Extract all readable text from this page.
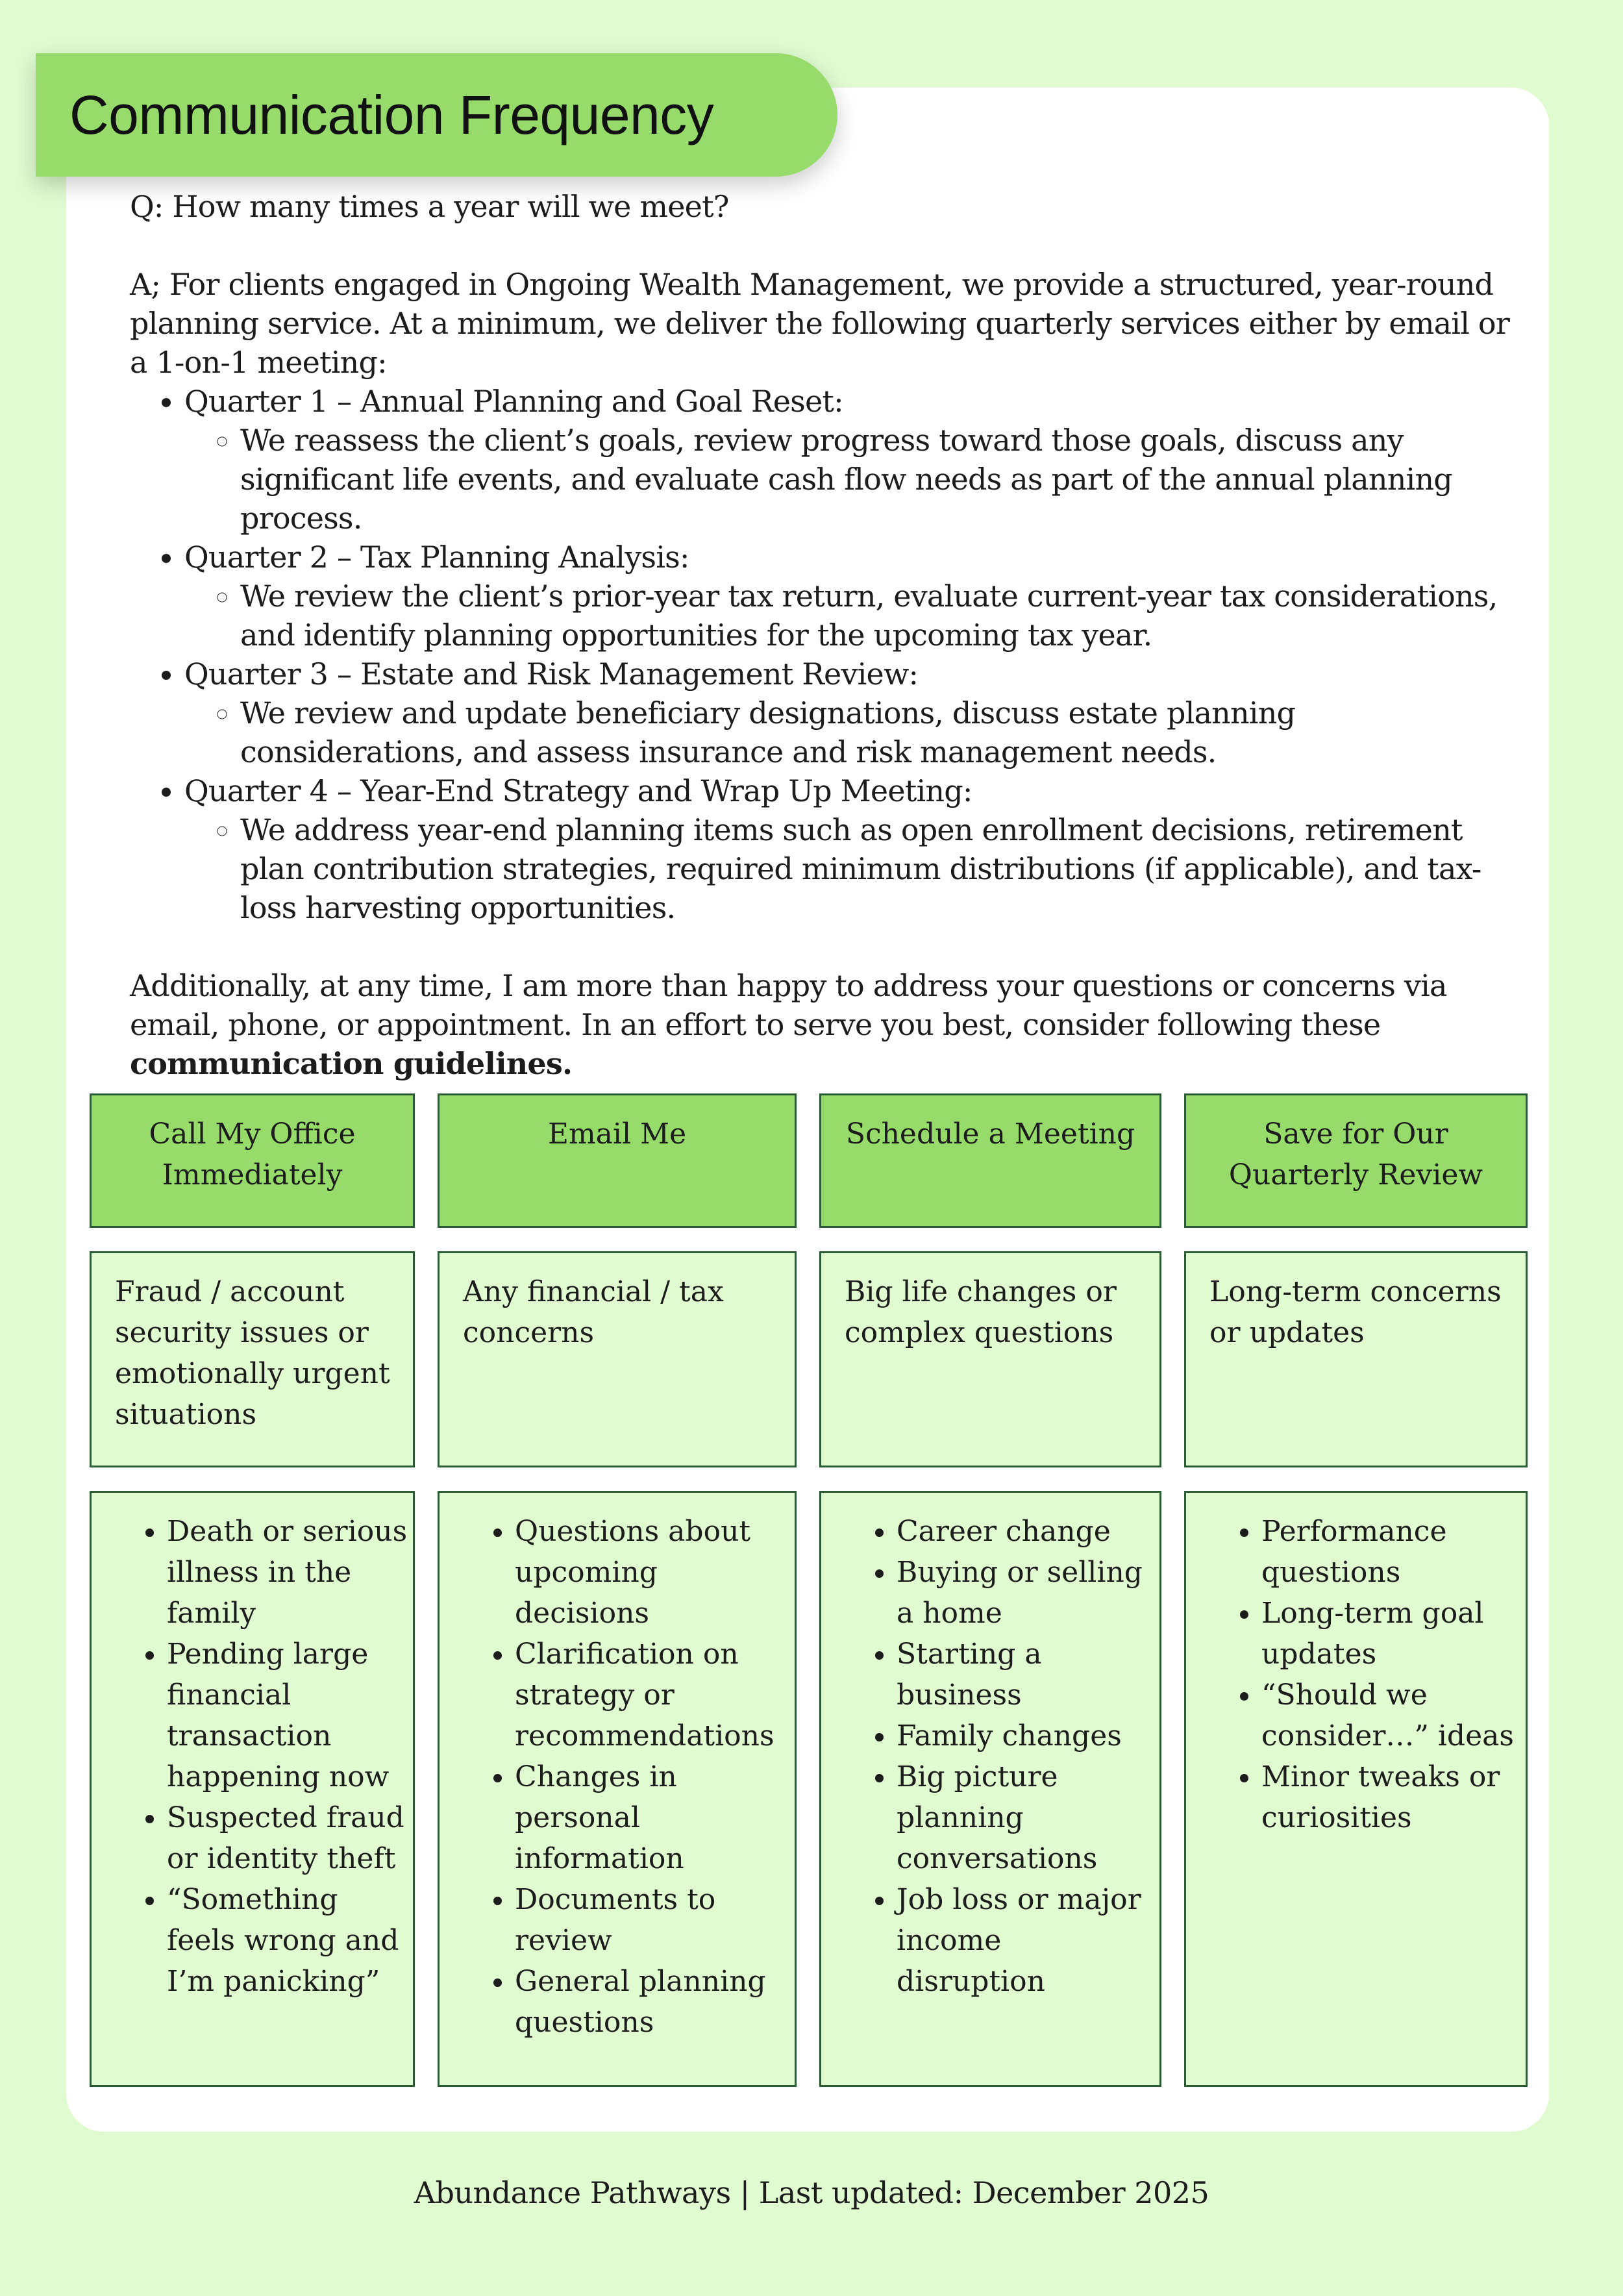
Communication Frequency

Q: How many times a year will we meet?

A; For clients engaged in Ongoing Wealth Management, we provide a structured, year-round planning service. At a minimum, we deliver the following quarterly services either by email or a 1-on-1 meeting:

• Quarter 1 – Annual Planning and Goal Reset:
◦ We reassess the client’s goals, review progress toward those goals, discuss any significant life events, and evaluate cash flow needs as part of the annual planning process.
• Quarter 2 – Tax Planning Analysis:
◦ We review the client’s prior-year tax return, evaluate current-year tax considerations, and identify planning opportunities for the upcoming tax year.
• Quarter 3 – Estate and Risk Management Review:
◦ We review and update beneficiary designations, discuss estate planning considerations, and assess insurance and risk management needs.
• Quarter 4 – Year-End Strategy and Wrap Up Meeting:
◦ We address year-end planning items such as open enrollment decisions, retirement plan contribution strategies, required minimum distributions (if applicable), and tax-loss harvesting opportunities.

Additionally, at any time, I am more than happy to address your questions or concerns via email, phone, or appointment. In an effort to serve you best, consider following these communication guidelines.

Call My Office Immediately
Email Me	Schedule a Meeting	Save for Our Quarterly Review
Fraud / account security issues or emotionally urgent situations
Any financial / tax concerns
Big life changes or complex questions
Long-term concerns or updates
• Death or serious illness in the family
• Pending large financial transaction happening now
• Suspected fraud or identity theft
• “Something feels wrong and I’m panicking”
• Questions about upcoming decisions
• Clarification on strategy or recommendations
• Changes in personal information
• Documents to review
• General planning questions
• Career change
• Buying or selling a home
• Starting a business
• Family changes
• Big picture planning conversations
• Job loss or major income disruption
• Performance questions
• Long-term goal updates
• “Should we consider…” ideas
• Minor tweaks or curiosities
Abundance Pathways | Last updated: December 2025
